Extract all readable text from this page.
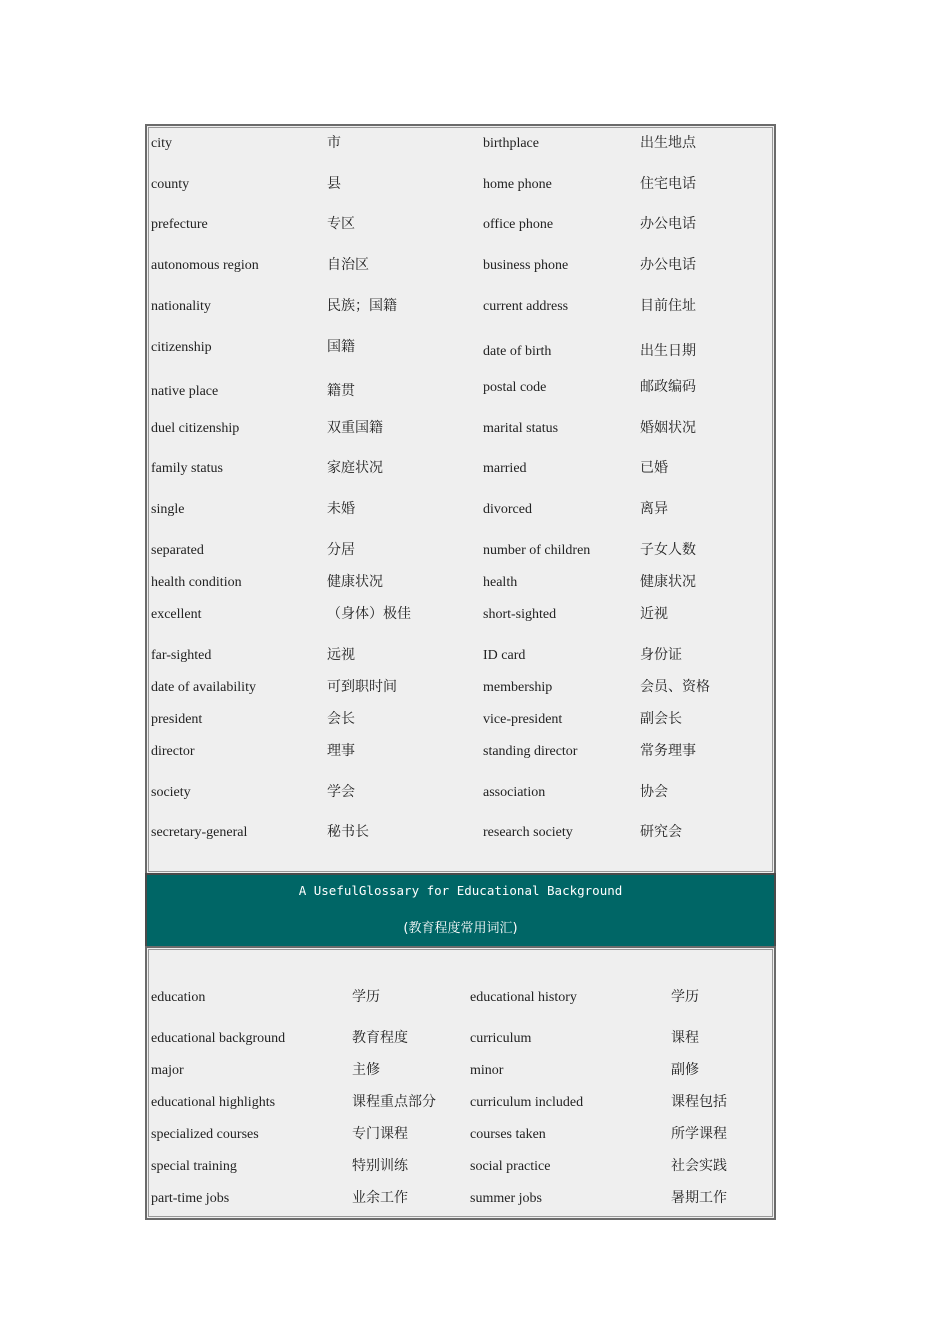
city	市	birthplace	出生地点
county	县	home phone	住宅电话
prefecture	专区	office phone	办公电话
autonomous region	自治区	business phone	办公电话
nationality	民族；国籍	current address	目前住址
citizenship	国籍	date of birth	出生日期
native place	籍贯	postal code	邮政编码
duel citizenship	双重国籍	marital status	婚姻状况
family status	家庭状况	married	已婚
single	未婚	divorced	离异
separated	分居	number of children	子女人数
health condition	健康状况	health	健康状况
excellent	（身体）极佳	short-sighted	近视
far-sighted	远视	ID card	身份证
date of availability	可到职时间	membership	会员、资格
president	会长	vice-president	副会长
director	理事	standing director	常务理事
society	学会	association	协会
secretary-general	秘书长	research society	研究会
A UsefulGlossary for Educational Background
(教育程度常用词汇)
education	学历	educational history	学历
educational background	教育程度	curriculum	课程
major	主修	minor	副修
educational highlights	课程重点部分 curriculum included	课程包括
specialized courses	专门课程	courses taken	所学课程
special training	特别训练	social practice	社会实践
part-time jobs	业余工作	summer jobs	暑期工作
